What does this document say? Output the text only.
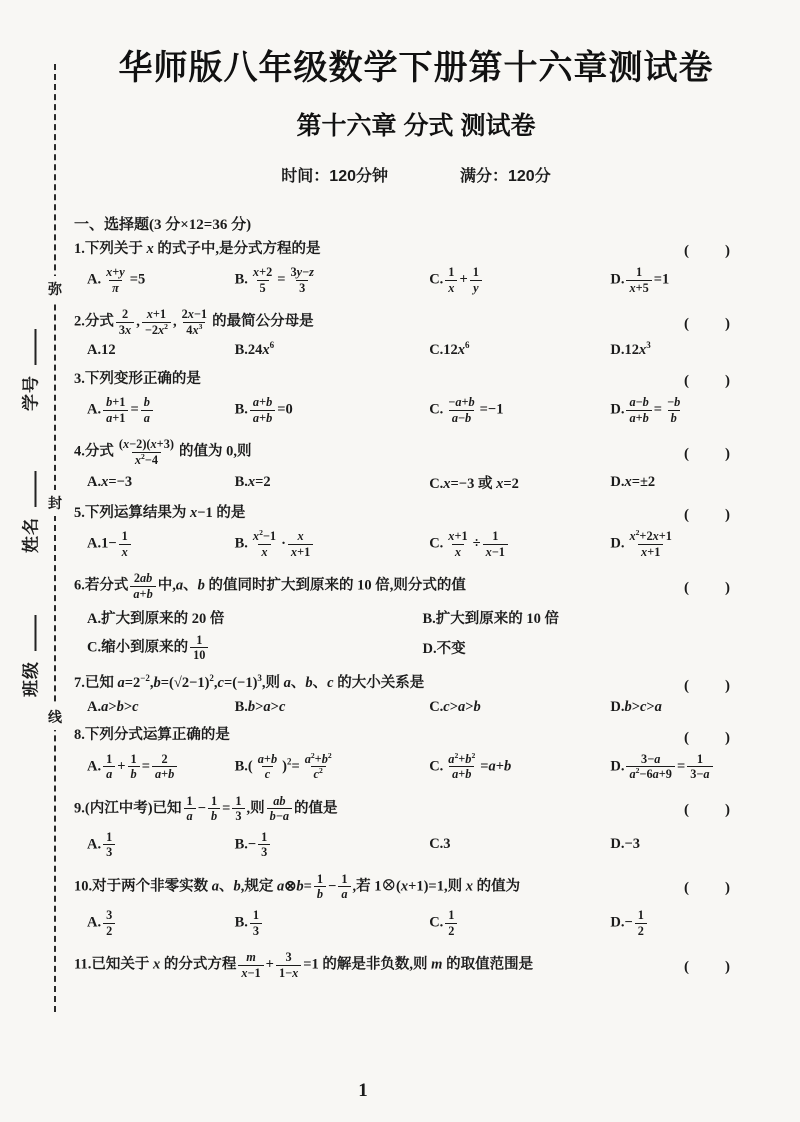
弥
封
线
学号
姓名
班级
华师版八年级数学下册第十六章测试卷
第十六章 分式 测试卷
时间：120分钟	满分：120分
一、选择题(3 分×12=36 分)
1.下列关于 x 的式子中,是分式方程的是	(　　)
A. $\frac{x+y}{\pi} =5$	B. $\frac{x+2}{5} = \frac{3y-z}{3}$	C. $\frac{1}{x} + \frac{1}{y}$	D. $\frac{1}{x+5} =1$
2.分式 $\frac{2}{3x}$ , $\frac{x+1}{-2x^2}$ , $\frac{2x-1}{4x^3}$ 的最简公分母是	(　　)
A.12	$B.24x^6$	$C.12x^6$	$D.12x^3$
3.下列变形正确的是	(　　)
A. $\frac{b+1}{a+1} = \frac{b}{a}$	B. $\frac{a+b}{a+b} =0$	C. $\frac{-a+b}{a-b} =-1$	D. $\frac{a-b}{a+b} = \frac{-b}{b}$
4.分式 $\frac{(x-2)(x+3)}{x^2-4}$ 的值为 0,则	(　　)
A.x=−3	B.x=2	C.x=−3 或 x=2	D.x=±2
5.下列运算结果为 x−1 的是	(　　)
$A.1- \frac{1}{x}$	B. $\frac{x^2-1}{x} \cdot \frac{x}{x+1}$	C. $\frac{x+1}{x} \div \frac{1}{x-1}$	D. $\frac{x^2+2x+1}{x+1}$
6.若分式 $\frac{2ab}{a+b}$ 中,a、b 的值同时扩大到原来的 10 倍,则分式的值	(　　)
A.扩大到原来的 20 倍	B.扩大到原来的 10 倍
C.缩小到原来的 $\frac{1}{10}$	D.不变
7.已知 $a=2^{-2},b=(√2-1)^2,c=(-1)^3$,则 a、b、c 的大小关系是	(　　)
A.a>b>c	B.b>a>c	C.c>a>b	D.b>c>a
8.下列分式运算正确的是	(　　)
A. $\frac{1}{a} + \frac{1}{b} = \frac{2}{a+b}$	$B.( \frac{a+b}{c} )^2= \frac{a^2+b^2}{c^2}$	C. $\frac{a^2+b^2}{a+b} =a+b$	D. $\frac{3-a}{a^2-6a+9} = \frac{1}{3-a}$
9.(内江中考)已知 $\frac{1}{a} - \frac{1}{b} = \frac{1}{3}$ ,则 $\frac{ab}{b-a}$ 的值是	(　　)
A. $\frac{1}{3}$	$B.- \frac{1}{3}$	C.3	D.−3
10.对于两个非零实数 a、b,规定 a⊗b= $\frac{1}{b} - \frac{1}{a}$ ,若 1⊗(x+1)=1,则 x 的值为	(　　)
A. $\frac{3}{2}$	B. $\frac{1}{3}$	C. $\frac{1}{2}$	$D.- \frac{1}{2}$
11.已知关于 x 的分式方程 $\frac{m}{x-1} + \frac{3}{1-x} =1$ 的解是非负数,则 m 的取值范围是	(　　)
1
